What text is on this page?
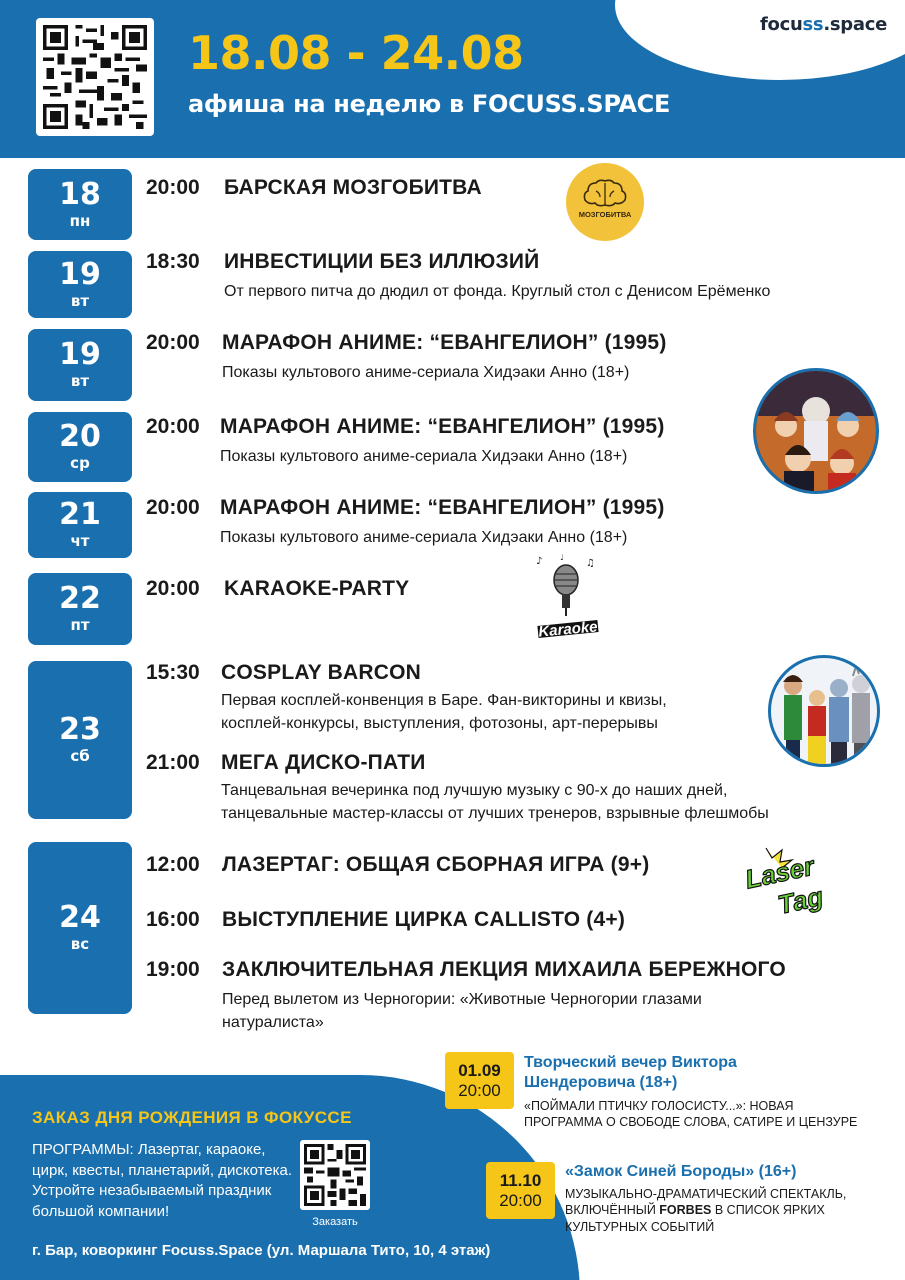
focuss.space
18.08 - 24.08
афиша на неделю в FOCUSS.SPACE
18
пн
19
вт
19
вт
20
ср
21
чт
22
пт
23
сб
24
вс
20:00 БАРСКАЯ МОЗГОБИТВА
18:30 ИНВЕСТИЦИИ БЕЗ ИЛЛЮЗИЙ
От первого питча до дюдил от фонда. Круглый стол с Денисом Ерёменко
20:00 МАРАФОН АНИМЕ: “ЕВАНГЕЛИОН” (1995)
Показы культового аниме-сериала Хидэаки Анно (18+)
20:00 МАРАФОН АНИМЕ: “ЕВАНГЕЛИОН” (1995)
Показы культового аниме-сериала Хидэаки Анно (18+)
20:00 МАРАФОН АНИМЕ: “ЕВАНГЕЛИОН” (1995)
Показы культового аниме-сериала Хидэаки Анно (18+)
20:00 KARAOKE-PARTY
15:30 COSPLAY BARCON
Первая косплей-конвенция в Баре. Фан-викторины и квизы,
косплей-конкурсы, выступления, фотозоны, арт-перерывы
21:00 МЕГА ДИСКО-ПАТИ
Танцевальная вечеринка под лучшую музыку с 90-х до наших дней,
танцевальные мастер-классы от лучших тренеров, взрывные флешмобы
12:00 ЛАЗЕРТАГ: ОБЩАЯ СБОРНАЯ ИГРА (9+)
16:00 ВЫСТУПЛЕНИЕ ЦИРКА CALLISTO (4+)
19:00 ЗАКЛЮЧИТЕЛЬНАЯ ЛЕКЦИЯ МИХАИЛА БЕРЕЖНОГО
Перед вылетом из Черногории: «Животные Черногории глазами
натуралиста»
МОЗГОБИТВА
♪	♫
♩
Karaoke
Laser
Tag
ЗАКАЗ ДНЯ РОЖДЕНИЯ В ФОКУССЕ
ПРОГРАММЫ: Лазертаг, караоке, цирк, квесты, планетарий, дискотека. Устройте незабываемый праздник большой компании!
Заказать
г. Бар, коворкинг Focuss.Space (ул. Маршала Тито, 10, 4 этаж)
01.09
20:00
Творческий вечер Виктора
Шендеровича (18+)
«ПОЙМАЛИ ПТИЧКУ ГОЛОСИСТУ...»: НОВАЯ
ПРОГРАММА О СВОБОДЕ СЛОВА, САТИРЕ И ЦЕНЗУРЕ
11.10
20:00
«Замок Синей Бороды» (16+)
МУЗЫКАЛЬНО-ДРАМАТИЧЕСКИЙ СПЕКТАКЛЬ,
ВКЛЮЧЁННЫЙ FORBES В СПИСОК ЯРКИХ
КУЛЬТУРНЫХ СОБЫТИЙ
